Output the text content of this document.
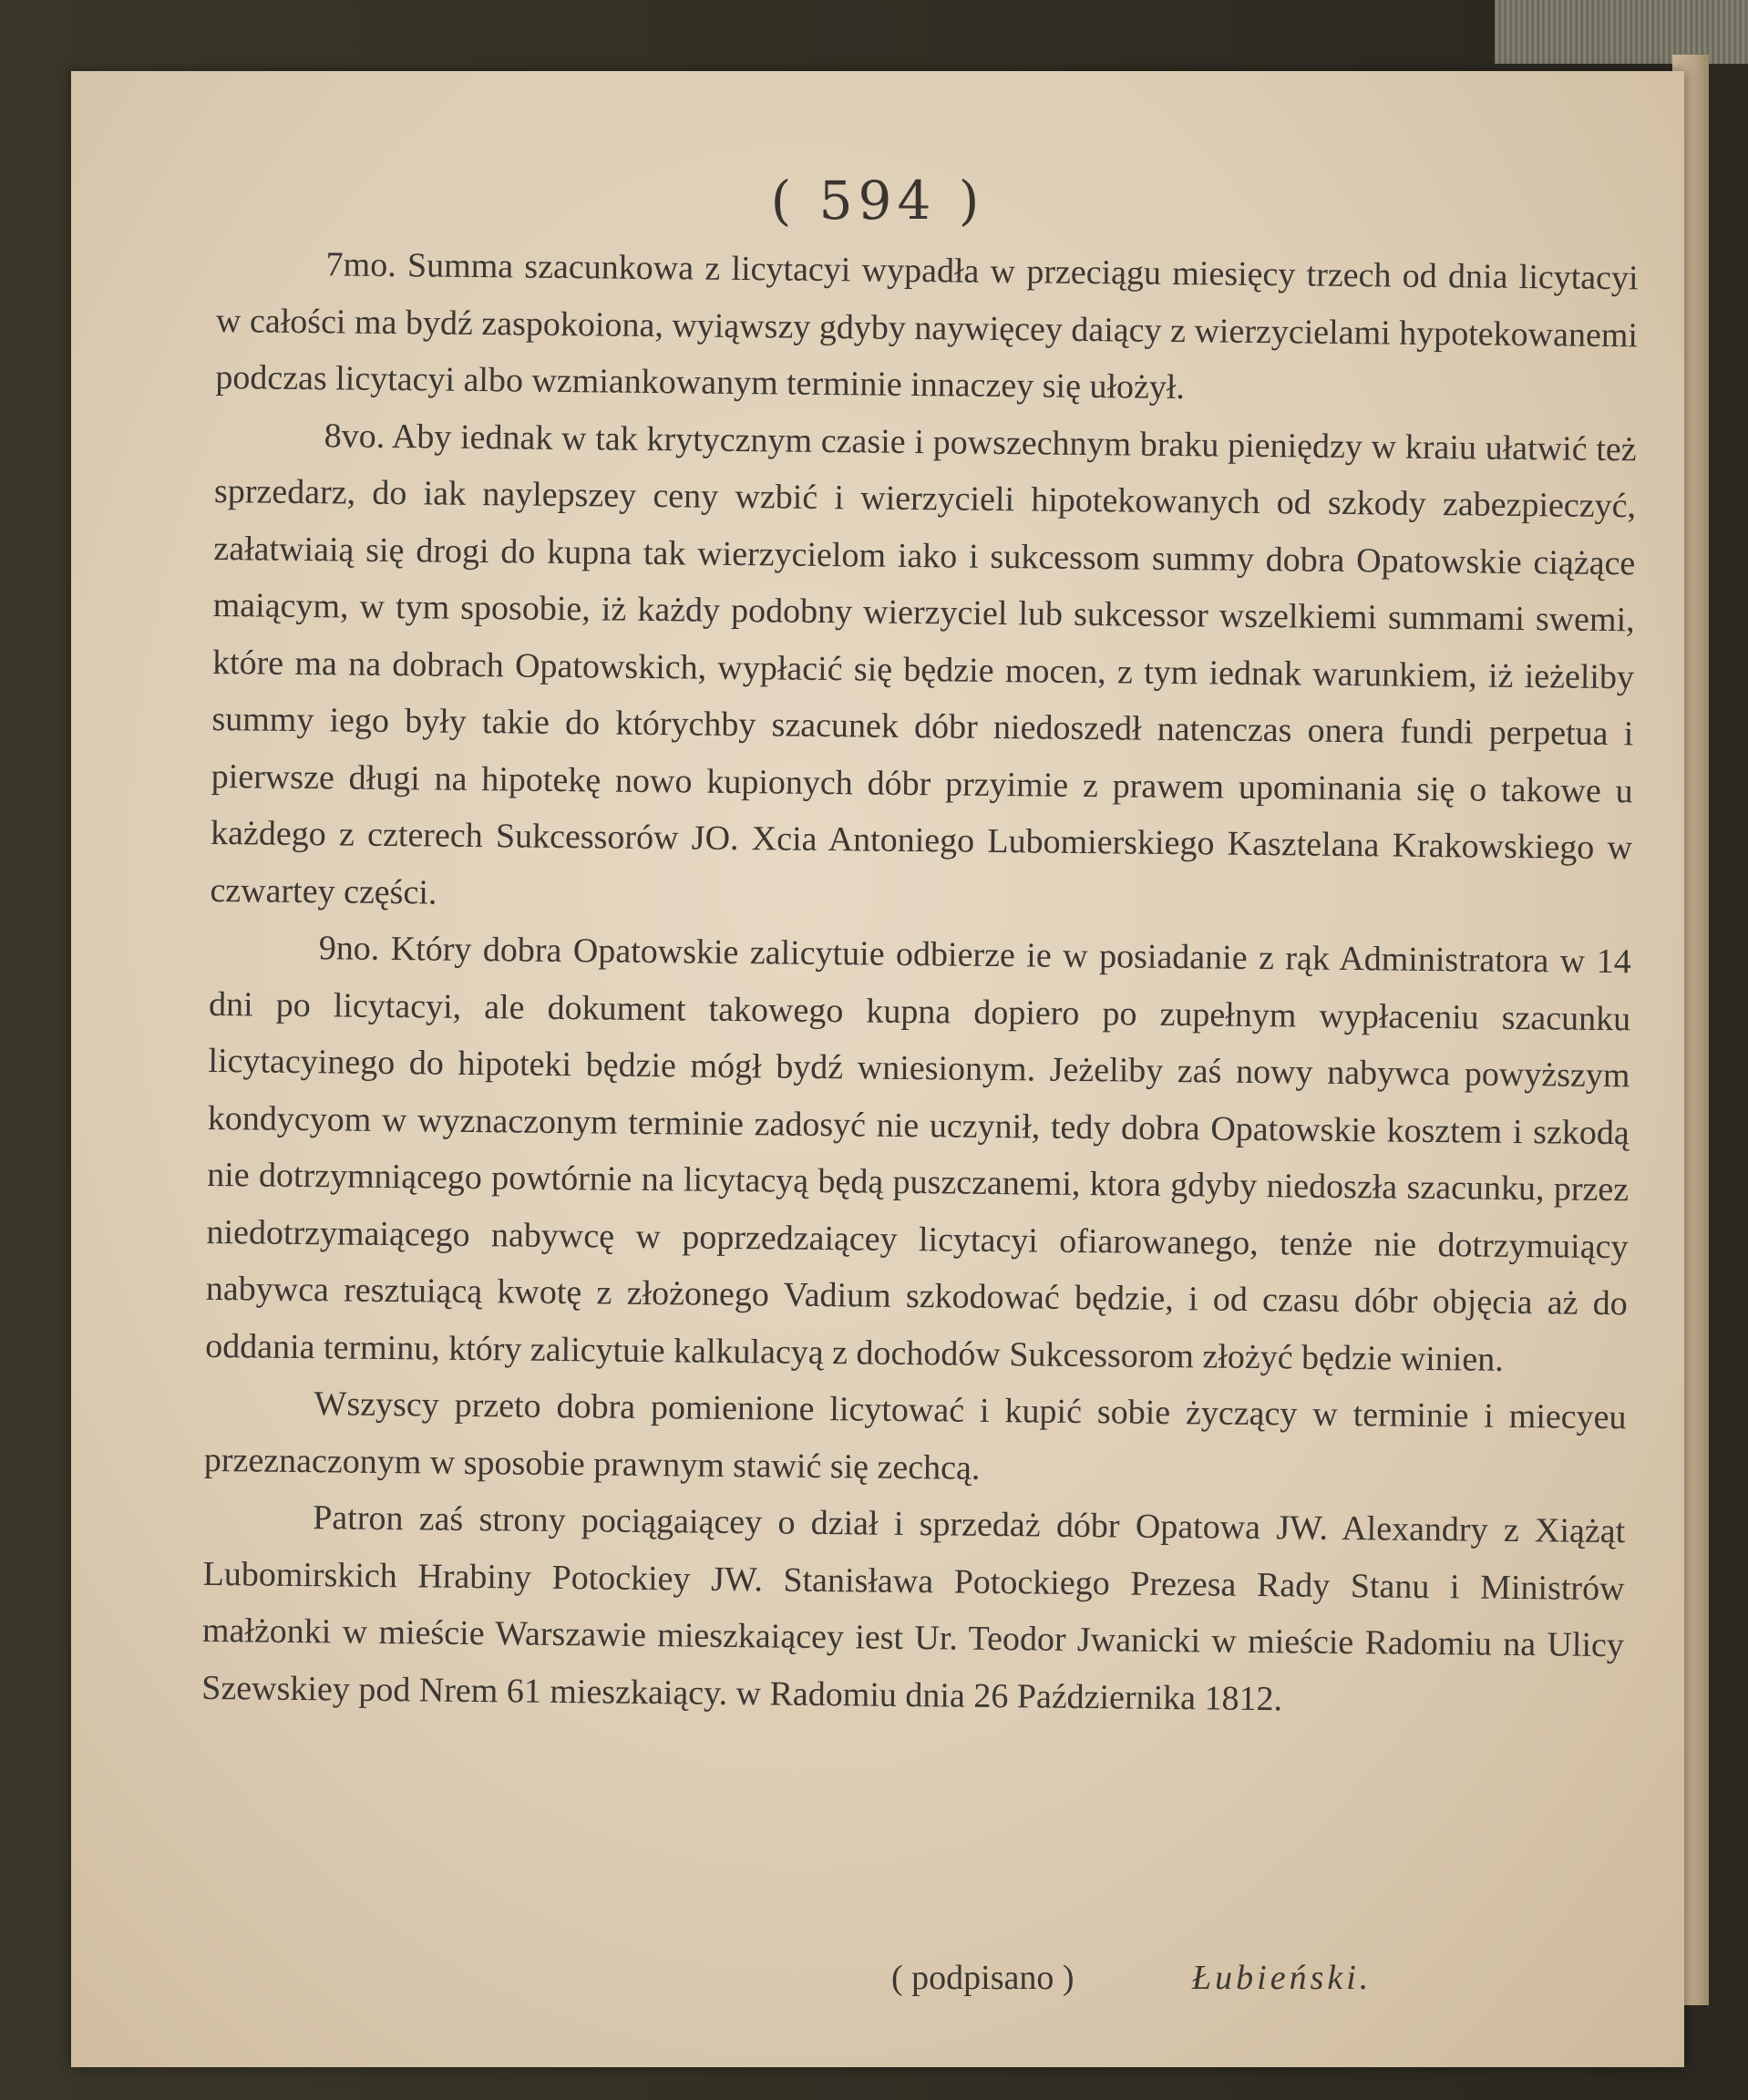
( 594 )

7mo. Summa szacunkowa z licytacyi wypadła w przeciągu miesięcy trzech od dnia licytacyi w całości ma bydź zaspokoiona, wyiąwszy gdyby naywięcey daiący z wierzycielami hypotekowanemi podczas licytacyi albo wzmiankowanym terminie innaczey się ułożył.

8vo. Aby iednak w tak krytycznym czasie i powszechnym braku pieniędzy w kraiu ułatwić też sprzedarz, do iak naylepszey ceny wzbić i wierzycieli hipotekowanych od szkody zabezpieczyć, załatwiaią się drogi do kupna tak wierzycielom iako i sukcessom summy dobra Opatowskie ciążące maiącym, w tym sposobie, iż każdy podobny wierzyciel lub sukcessor wszelkiemi summami swemi, które ma na dobrach Opatowskich, wypłacić się będzie mocen, z tym iednak warunkiem, iż ieżeliby summy iego były takie do którychby szacunek dóbr niedoszedł natenczas onera fundi perpetua i pierwsze długi na hipotekę nowo kupionych dóbr przyimie z prawem upominania się o takowe u każdego z czterech Sukcessorów JO. Xcia Antoniego Lubomierskiego Kasztelana Krakowskiego w czwartey części.

9no. Który dobra Opatowskie zalicytuie odbierze ie w posiadanie z rąk Administratora w 14 dni po licytacyi, ale dokument takowego kupna dopiero po zupełnym wypłaceniu szacunku licytacyinego do hipoteki będzie mógł bydź wniesionym. Jeżeliby zaś nowy nabywca powyższym kondycyom w wyznaczonym terminie zadosyć nie uczynił, tedy dobra Opatowskie kosztem i szkodą nie dotrzymniącego powtórnie na licytacyą będą puszczanemi, ktora gdyby niedoszła szacunku, przez niedotrzymaiącego nabywcę w poprzedzaiącey licytacyi ofiarowanego, tenże nie dotrzymuiący nabywca resztuiącą kwotę z złożonego Vadium szkodować będzie, i od czasu dóbr objęcia aż do oddania terminu, który zalicytuie kalkulacyą z dochodów Sukcessorom złożyć będzie winien.

Wszyscy przeto dobra pomienione licytować i kupić sobie życzący w terminie i miecyeu przeznaczonym w sposobie prawnym stawić się zechcą.

Patron zaś strony pociągaiącey o dział i sprzedaż dóbr Opatowa JW. Alexandry z Xiążąt Lubomirskich Hrabiny Potockiey JW. Stanisława Potockiego Prezesa Rady Stanu i Ministrów małżonki w mieście Warszawie mieszkaiącey iest Ur. Teodor Jwanicki w mieście Radomiu na Ulicy Szewskiey pod Nrem 61 mieszkaiący. w Radomiu dnia 26 Października 1812.

( podpisano )	Łubieński.
